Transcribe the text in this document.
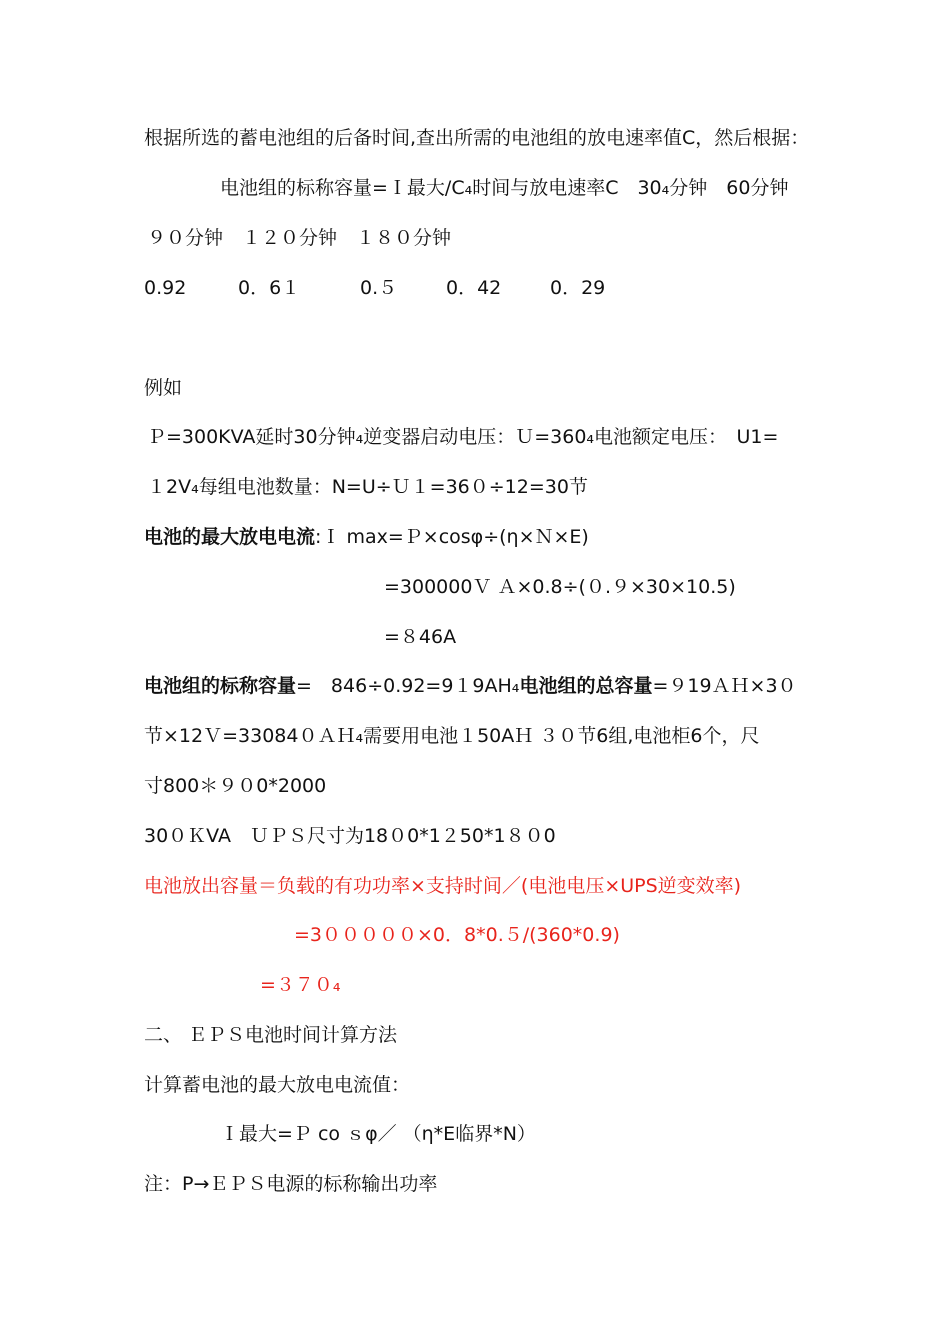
根据所选的蓄电池组的后备时间,查出所需的电池组的放电速率值C，然后根据：
电池组的标称容量=Ｉ最大/C₄时间与放电速率C　30₄分钟　60分钟
９０分钟　１２０分钟　１８０分钟
0.92	0．6１	0.５	0．42	0．29
例如
Ｐ=300KVA延时30分钟₄逆变器启动电压：Ｕ=360₄电池额定电压：　U1=
１2V₄每组电池数量：N=U÷Ｕ１=36０÷12=30节
电池的最大放电电流:Ｉ max=Ｐ×cosφ÷(η×Ｎ×E)
=300000Ｖ Ａ×0.8÷(０.９×30×10.5)
=８46A
电池组的标称容量=　846÷0.92=9１9AH₄电池组的总容量=９19ＡＨ×3０
节×12Ｖ=33084０ＡＨ₄需要用电池１50AＨ ３０节6组,电池柜6个，尺
寸800＊９０0*2000
30０ＫVA　ＵＰＳ尺寸为18０0*1２50*1８０0
电池放出容量＝负载的有功功率×支持时间／(电池电压×UPS逆变效率)
=3０００００×0．8*0.５/(360*0.9)
=３７０₄
二、 ＥＰＳ电池时间计算方法
计算蓄电池的最大放电电流值：
Ｉ最大=Ｐ co ｓφ／ （η*E临界*N）
注：P→ＥＰＳ电源的标称输出功率
